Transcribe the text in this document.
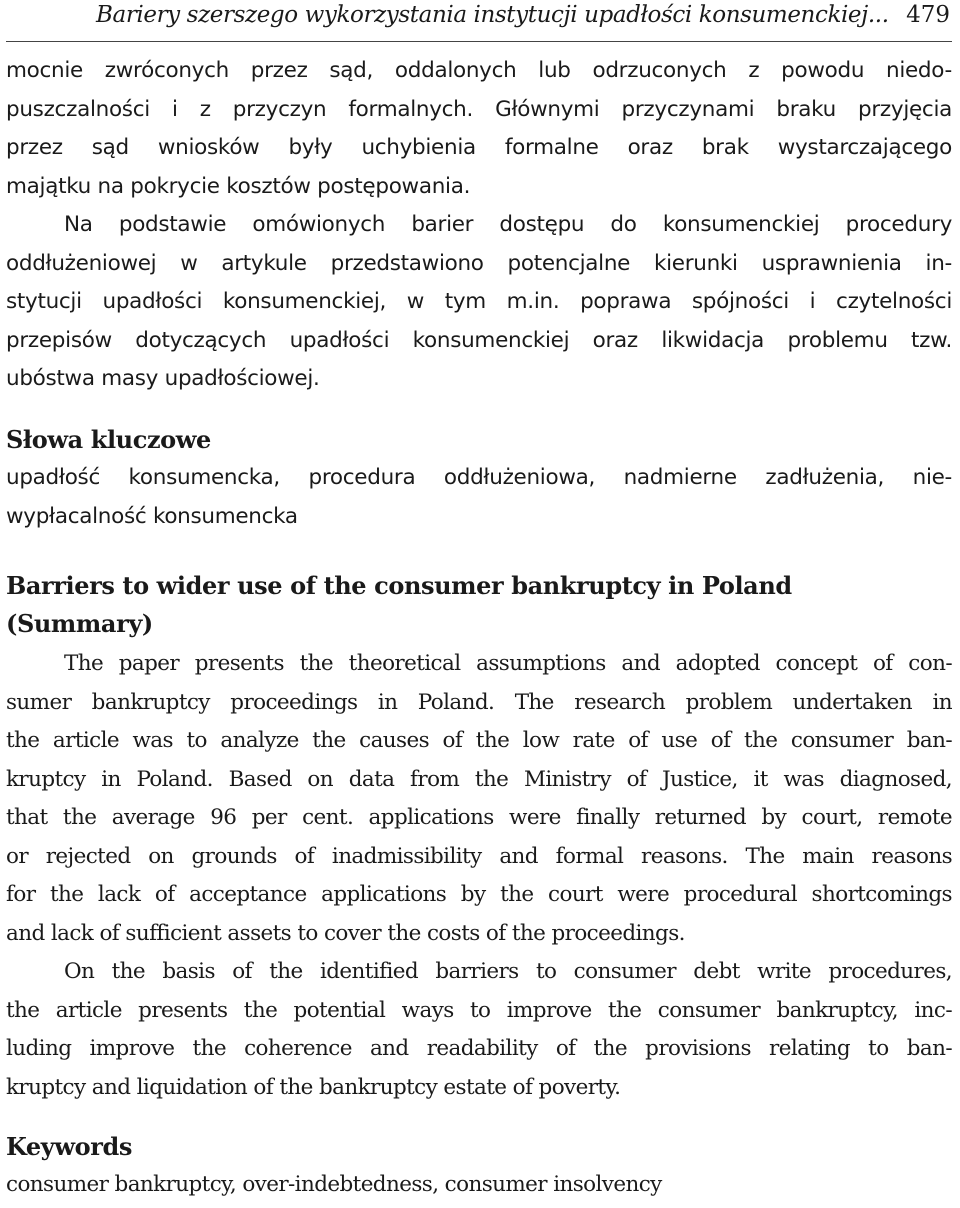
Bariery szerszego wykorzystania instytucji upadłości konsumenckiej... 479
mocnie zwróconych przez sąd, oddalonych lub odrzuconych z powodu niedo-
puszczalności i z przyczyn formalnych. Głównymi przyczynami braku przyjęcia
przez sąd wniosków były uchybienia formalne oraz brak wystarczającego
majątku na pokrycie kosztów postępowania.
Na podstawie omówionych barier dostępu do konsumenckiej procedury
oddłużeniowej w artykule przedstawiono potencjalne kierunki usprawnienia in-
stytucji upadłości konsumenckiej, w tym m.in. poprawa spójności i czytelności
przepisów dotyczących upadłości konsumenckiej oraz likwidacja problemu tzw.
ubóstwa masy upadłościowej.
Słowa kluczowe
upadłość konsumencka, procedura oddłużeniowa, nadmierne zadłużenia, nie-
wypłacalność konsumencka
Barriers to wider use of the consumer bankruptcy in Poland
(Summary)
The paper presents the theoretical assumptions and adopted concept of con-
sumer bankruptcy proceedings in Poland. The research problem undertaken in
the article was to analyze the causes of the low rate of use of the consumer ban-
kruptcy in Poland. Based on data from the Ministry of Justice, it was diagnosed,
that the average 96 per cent. applications were finally returned by court, remote
or rejected on grounds of inadmissibility and formal reasons. The main reasons
for the lack of acceptance applications by the court were procedural shortcomings
and lack of sufficient assets to cover the costs of the proceedings.
On the basis of the identified barriers to consumer debt write procedures,
the article presents the potential ways to improve the consumer bankruptcy, inc-
luding improve the coherence and readability of the provisions relating to ban-
kruptcy and liquidation of the bankruptcy estate of poverty.
Keywords
consumer bankruptcy, over-indebtedness, consumer insolvency
